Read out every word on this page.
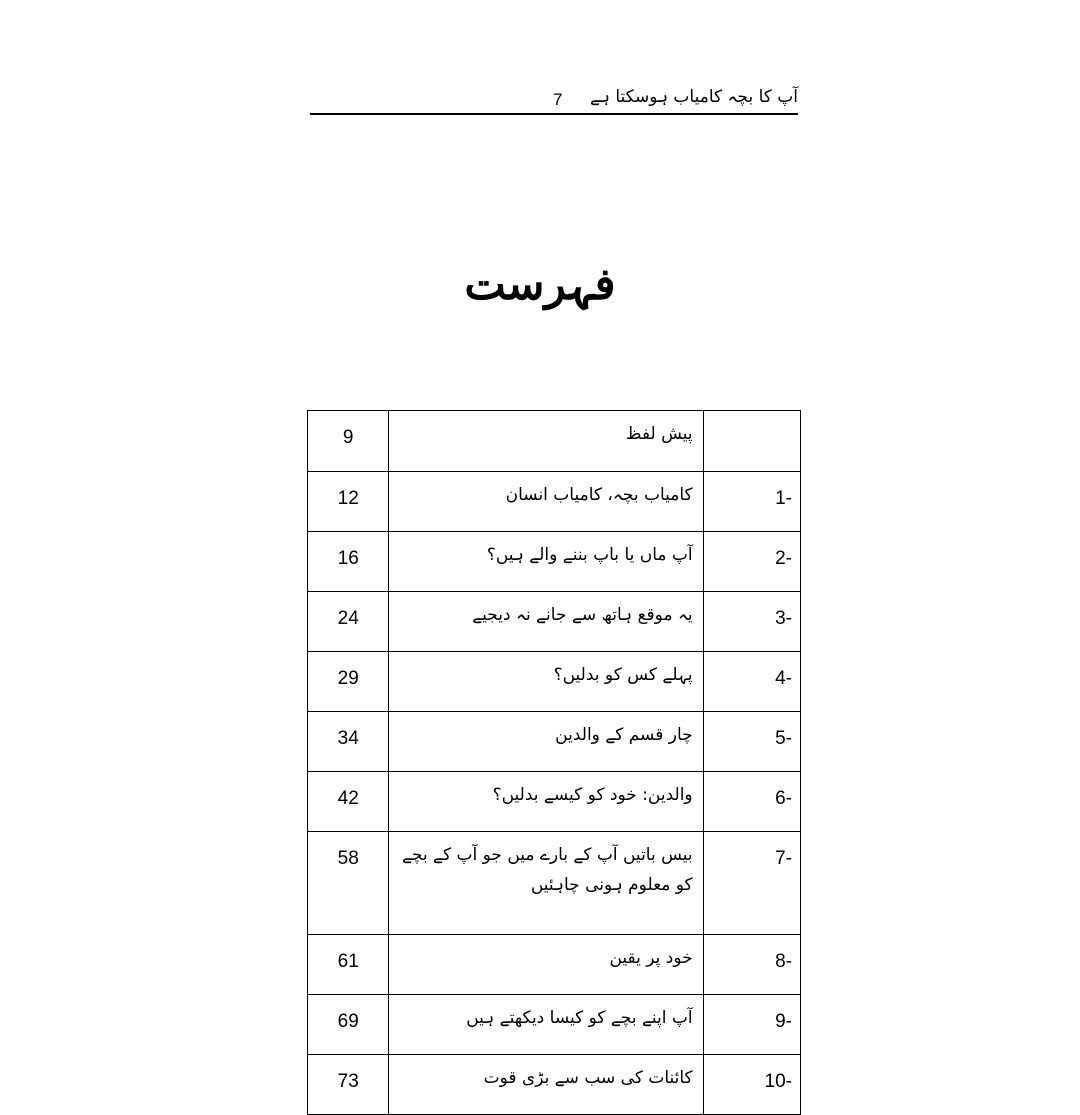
7 آپ کا بچہ کامیاب ہوسکتا ہے
فہرست
9	پیش لفظ	
12	کامیاب بچہ، کامیاب انسان	1-
16	آپ ماں یا باپ بننے والے ہیں؟	2-
24	یہ موقع ہاتھ سے جانے نہ دیجیے	3-
29	پہلے کس کو بدلیں؟	4-
34	چار قسم کے والدین	5-
42	والدین: خود کو کیسے بدلیں؟	6-
58	بیس باتیں آپ کے بارے میں جو آپ کے بچے کو معلوم ہونی چاہئیں	7-
61	خود پر یقین	8-
69	آپ اپنے بچے کو کیسا دیکھتے ہیں	9-
73	کائنات کی سب سے بڑی قوت	10-
